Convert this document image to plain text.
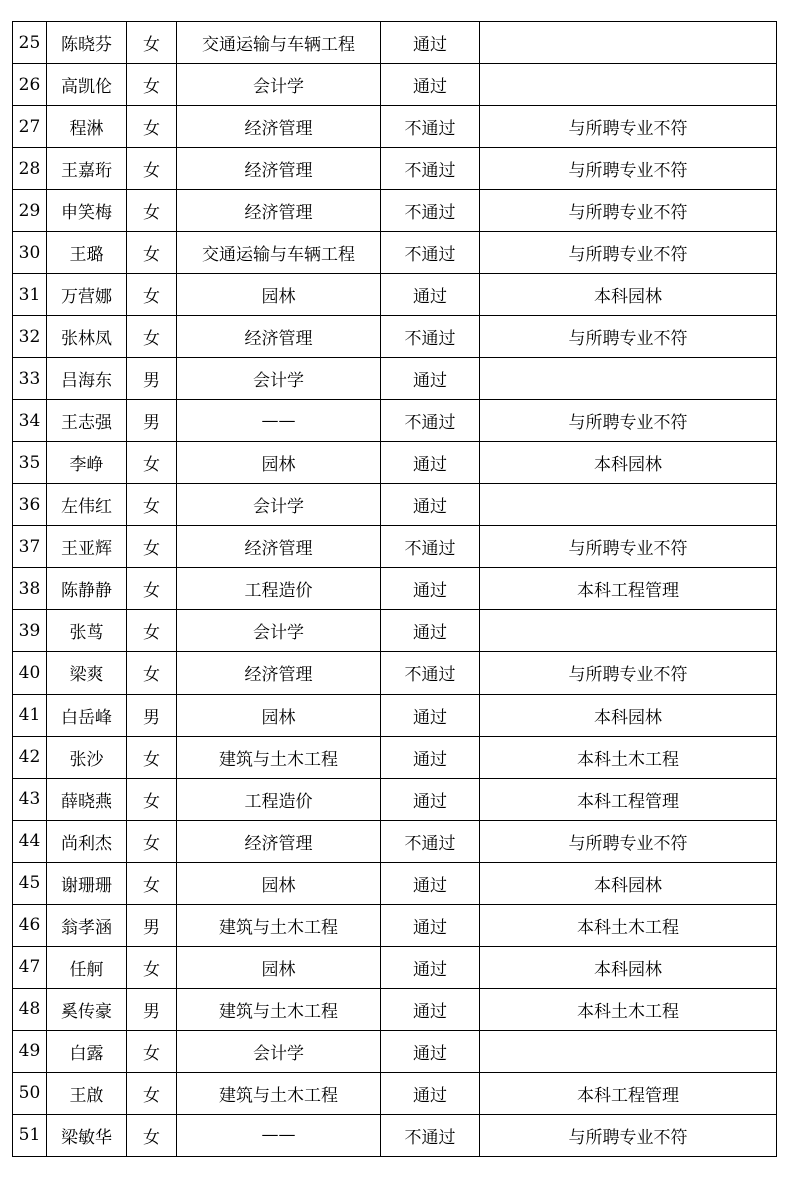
25	陈晓芬	女	交通运输与车辆工程	通过	
26	高凯伦	女	会计学	通过	
27	程淋	女	经济管理	不通过	与所聘专业不符
28	王嘉珩	女	经济管理	不通过	与所聘专业不符
29	申笑梅	女	经济管理	不通过	与所聘专业不符
30	王璐	女	交通运输与车辆工程	不通过	与所聘专业不符
31	万营娜	女	园林	通过	本科园林
32	张林凤	女	经济管理	不通过	与所聘专业不符
33	吕海东	男	会计学	通过	
34	王志强	男	——	不通过	与所聘专业不符
35	李峥	女	园林	通过	本科园林
36	左伟红	女	会计学	通过	
37	王亚辉	女	经济管理	不通过	与所聘专业不符
38	陈静静	女	工程造价	通过	本科工程管理
39	张茑	女	会计学	通过	
40	梁爽	女	经济管理	不通过	与所聘专业不符
41	白岳峰	男	园林	通过	本科园林
42	张沙	女	建筑与土木工程	通过	本科土木工程
43	薛晓燕	女	工程造价	通过	本科工程管理
44	尚利杰	女	经济管理	不通过	与所聘专业不符
45	谢珊珊	女	园林	通过	本科园林
46	翁孝涵	男	建筑与土木工程	通过	本科土木工程
47	任舸	女	园林	通过	本科园林
48	奚传豪	男	建筑与土木工程	通过	本科土木工程
49	白露	女	会计学	通过	
50	王啟	女	建筑与土木工程	通过	本科工程管理
51	梁敏华	女	——	不通过	与所聘专业不符
